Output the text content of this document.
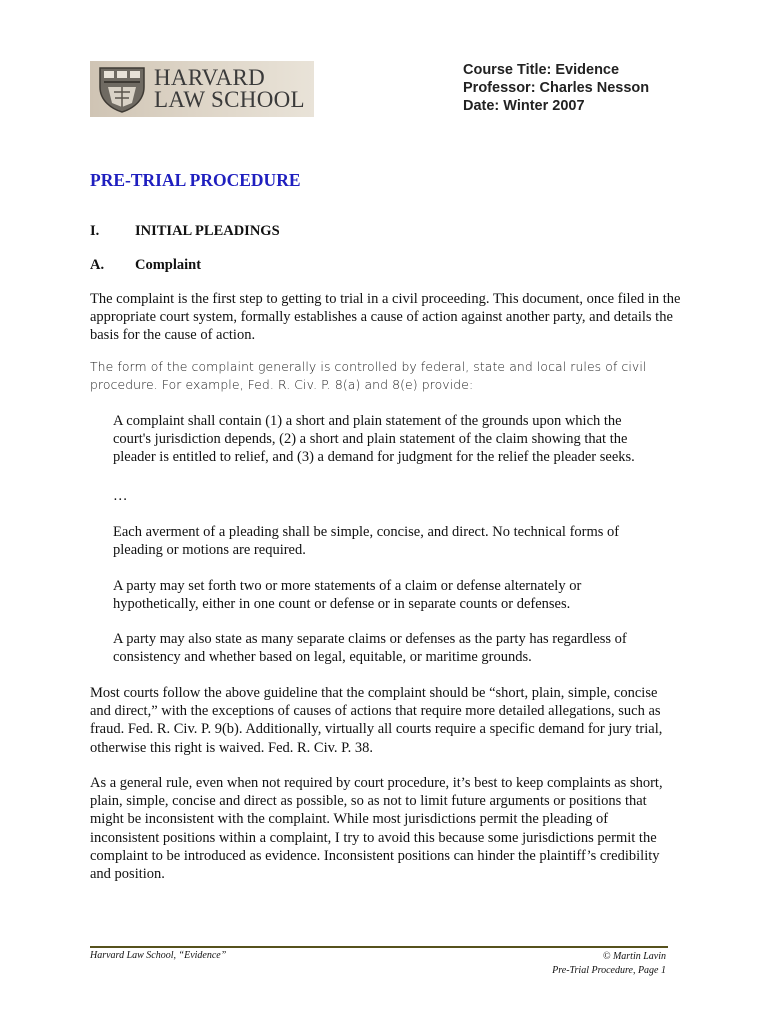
HARVARD
LAW SCHOOL
Course Title: Evidence
Professor: Charles Nesson
Date: Winter 2007
PRE-TRIAL PROCEDURE
I. INITIAL PLEADINGS
A. Complaint
The complaint is the first step to getting to trial in a civil proceeding. This document, once filed in the appropriate court system, formally establishes a cause of action against another party, and details the basis for the cause of action.
The form of the complaint generally is controlled by federal, state and local rules of civil procedure. For example, Fed. R. Civ. P. 8(a) and 8(e) provide:
A complaint shall contain (1) a short and plain statement of the grounds upon which the court's jurisdiction depends, (2) a short and plain statement of the claim showing that the pleader is entitled to relief, and (3) a demand for judgment for the relief the pleader seeks.
…
Each averment of a pleading shall be simple, concise, and direct. No technical forms of pleading or motions are required.
A party may set forth two or more statements of a claim or defense alternately or hypothetically, either in one count or defense or in separate counts or defenses.
A party may also state as many separate claims or defenses as the party has regardless of consistency and whether based on legal, equitable, or maritime grounds.
Most courts follow the above guideline that the complaint should be “short, plain, simple, concise and direct,” with the exceptions of causes of actions that require more detailed allegations, such as fraud. Fed. R. Civ. P. 9(b). Additionally, virtually all courts require a specific demand for jury trial, otherwise this right is waived. Fed. R. Civ. P. 38.
As a general rule, even when not required by court procedure, it’s best to keep complaints as short, plain, simple, concise and direct as possible, so as not to limit future arguments or positions that might be inconsistent with the complaint. While most jurisdictions permit the pleading of inconsistent positions within a complaint, I try to avoid this because some jurisdictions permit the complaint to be introduced as evidence. Inconsistent positions can hinder the plaintiff’s credibility and position.
Harvard Law School, “Evidence”	© Martin Lavin
Pre-Trial Procedure, Page 1
